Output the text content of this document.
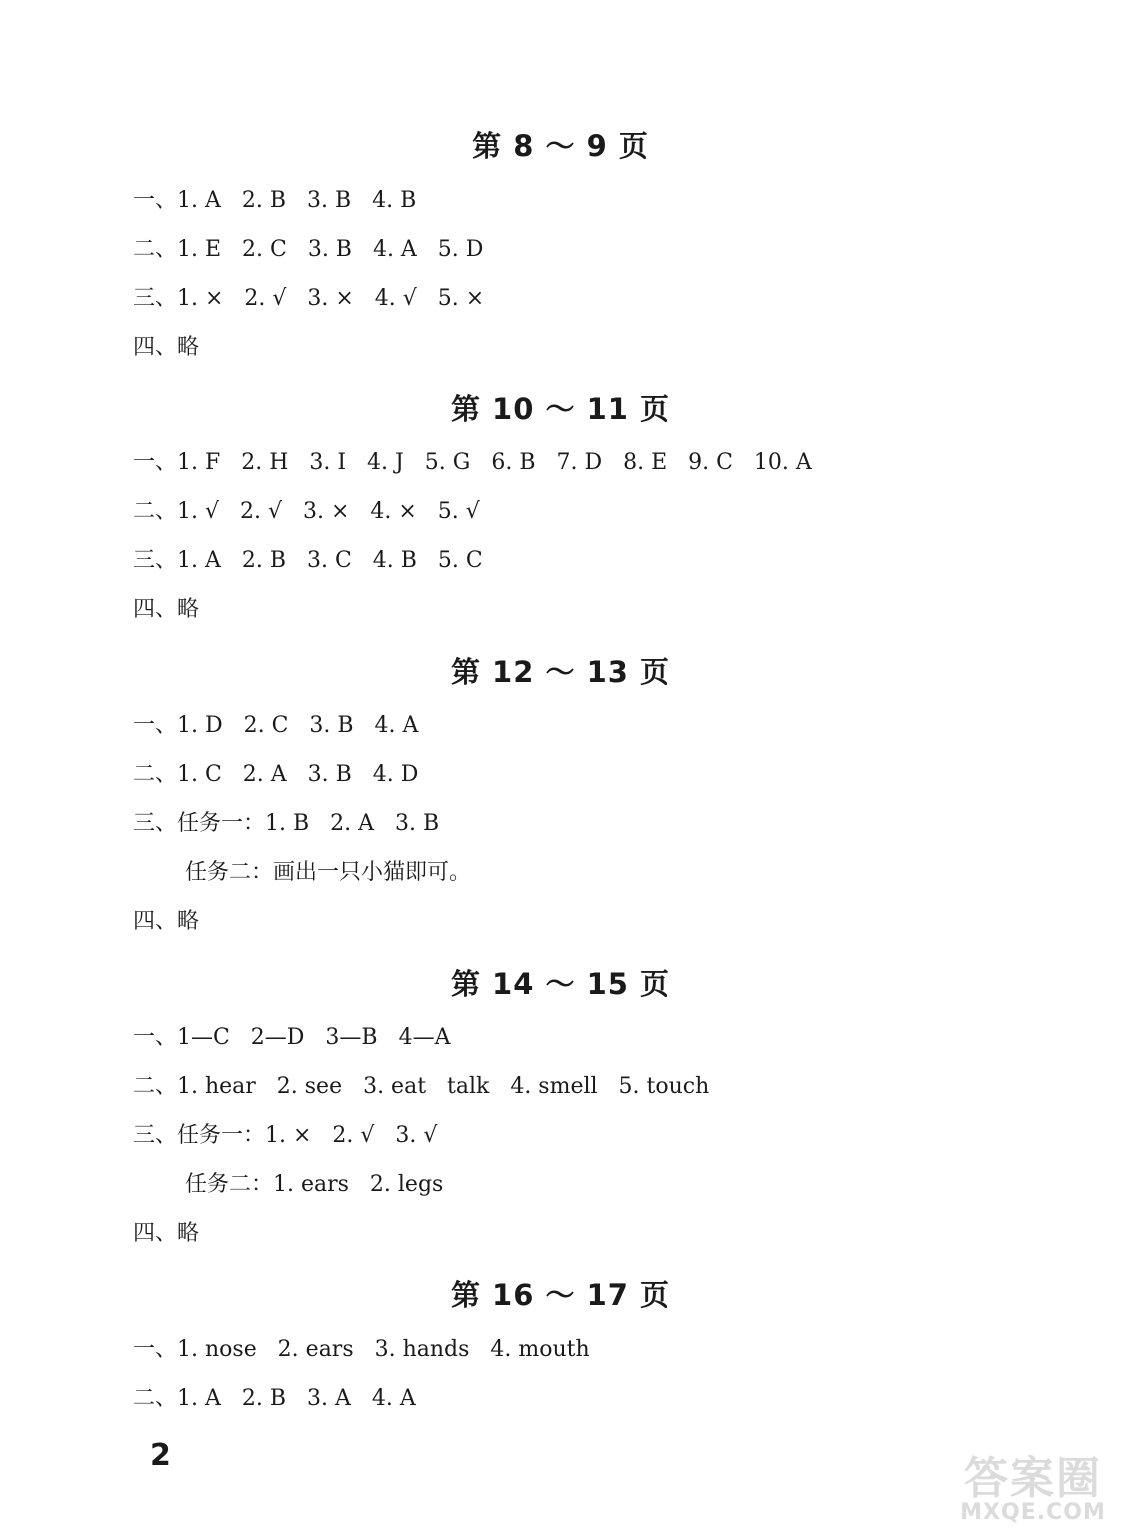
第 8 ～ 9 页
一、1. A   2. B   3. B   4. B
二、1. E   2. C   3. B   4. A   5. D
三、1. ×   2. √   3. ×   4. √   5. ×
四、略
第 10 ～ 11 页
一、1. F   2. H   3. I   4. J   5. G   6. B   7. D   8. E   9. C   10. A
二、1. √   2. √   3. ×   4. ×   5. √
三、1. A   2. B   3. C   4. B   5. C
四、略
第 12 ～ 13 页
一、1. D   2. C   3. B   4. A
二、1. C   2. A   3. B   4. D
三、任务一：1. B   2. A   3. B
任务二：画出一只小猫即可。
四、略
第 14 ～ 15 页
一、1—C   2—D   3—B   4—A
二、1. hear   2. see   3. eat   talk   4. smell   5. touch
三、任务一：1. ×   2. √   3. √
任务二：1. ears   2. legs
四、略
第 16 ～ 17 页
一、1. nose   2. ears   3. hands   4. mouth
二、1. A   2. B   3. A   4. A
2	答案圈
MXQE.COM
